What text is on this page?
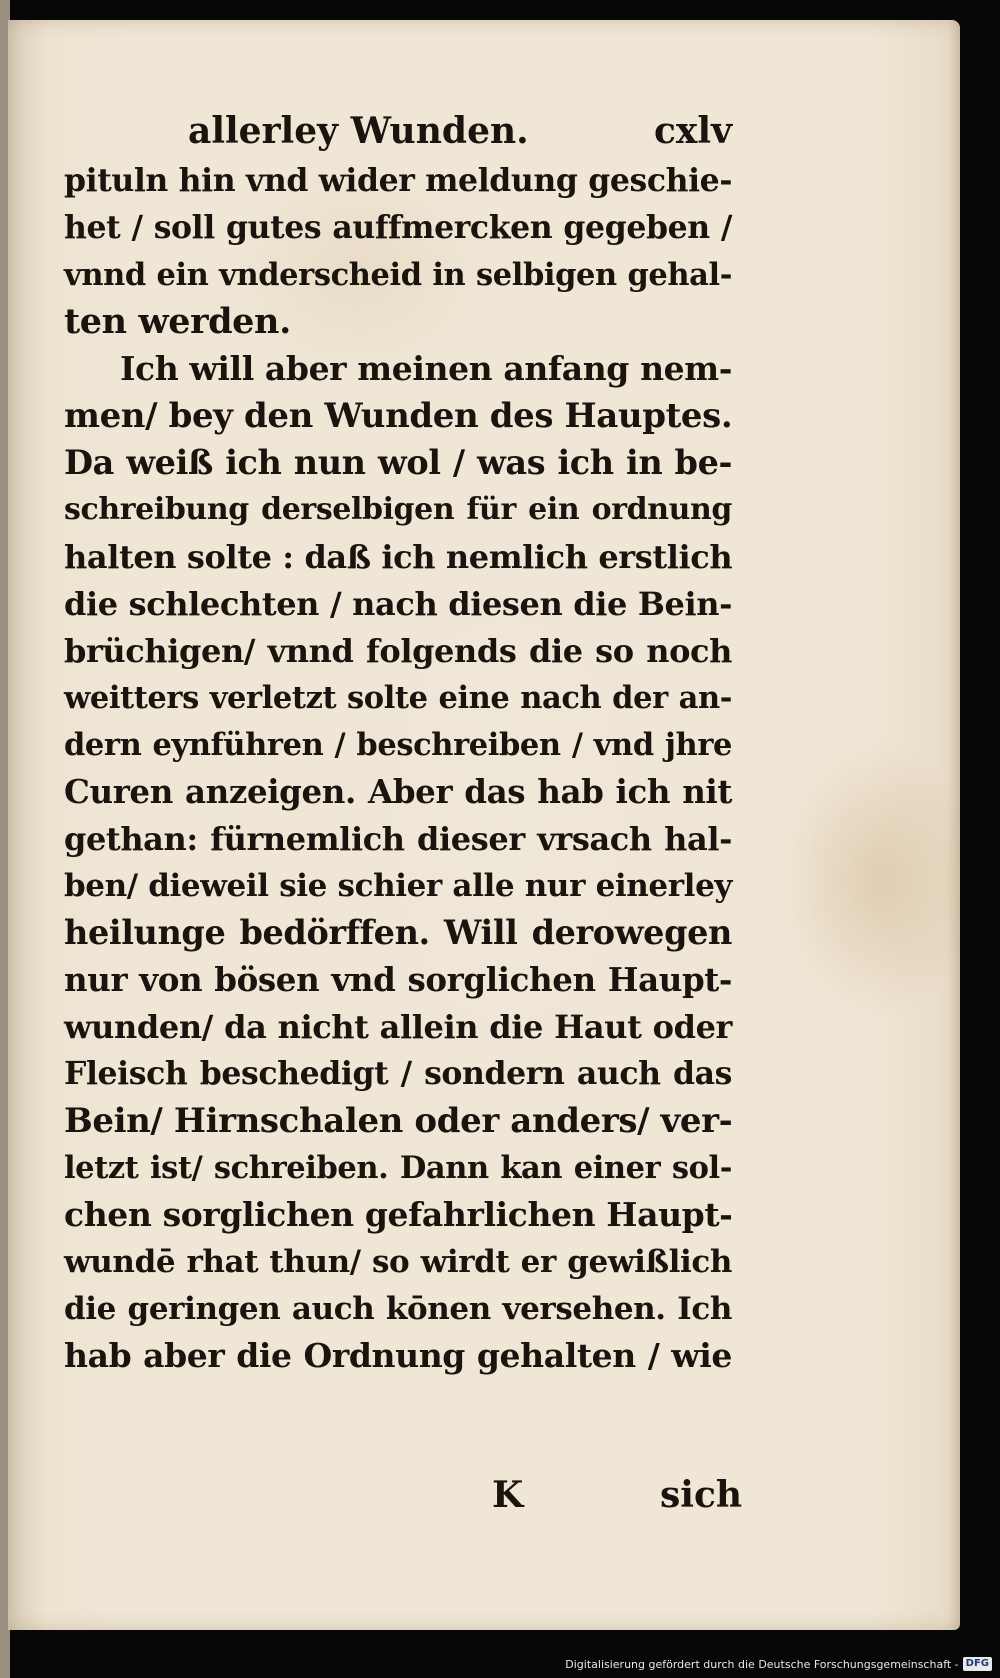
allerley Wunden.	cxlv
pituln hin vnd wider meldung geschie-
het / soll gutes auffmercken gegeben /
vnnd ein vnderscheid in selbigen gehal-
ten werden.
Ich will aber meinen anfang nem-
men/ bey den Wunden des Hauptes.
Da weiß ich nun wol / was ich in be-
schreibung derselbigen für ein ordnung
halten solte : daß ich nemlich erstlich
die schlechten / nach diesen die Bein-
brüchigen/ vnnd folgends die so noch
weitters verletzt solte eine nach der an-
dern eynführen / beschreiben / vnd jhre
Curen anzeigen. Aber das hab ich nit
gethan: fürnemlich dieser vrsach hal-
ben/ dieweil sie schier alle nur einerley
heilunge bedörffen. Will derowegen
nur von bösen vnd sorglichen Haupt-
wunden/ da nicht allein die Haut oder
Fleisch beschedigt / sondern auch das
Bein/ Hirnschalen oder anders/ ver-
letzt ist/ schreiben. Dann kan einer sol-
chen sorglichen gefahrlichen Haupt-
wundē rhat thun/ so wirdt er gewißlich
die geringen auch kōnen versehen. Ich
hab aber die Ordnung gehalten / wie
K	sich
Digitalisierung gefördert durch die Deutsche Forschungsgemeinschaft - DFG
